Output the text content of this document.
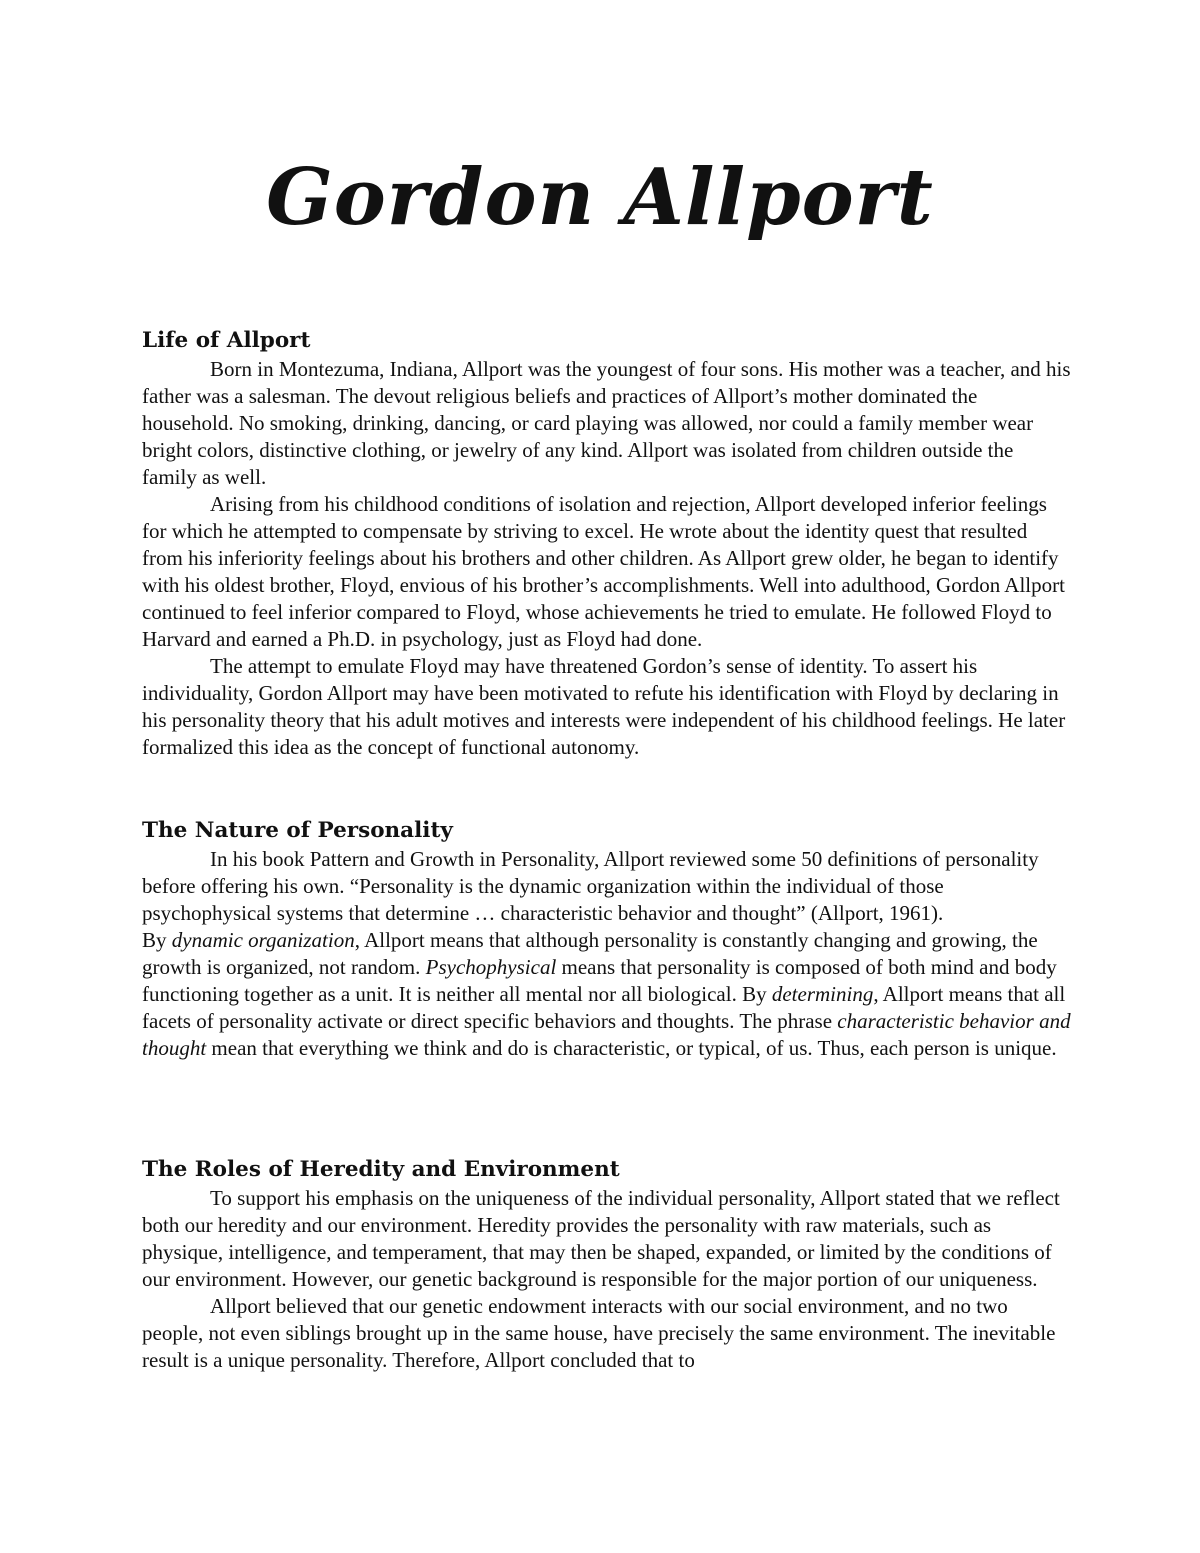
Gordon Allport
Life of Allport

Born in Montezuma, Indiana, Allport was the youngest of four sons. His mother was a teacher, and his father was a salesman. The devout religious beliefs and practices of Allport’s mother dominated the household. No smoking, drinking, dancing, or card playing was allowed, nor could a family member wear bright colors, distinctive clothing, or jewelry of any kind. Allport was isolated from children outside the family as well.

Arising from his childhood conditions of isolation and rejection, Allport developed inferior feelings for which he attempted to compensate by striving to excel. He wrote about the identity quest that resulted from his inferiority feelings about his brothers and other children. As Allport grew older, he began to identify with his oldest brother, Floyd, envious of his brother’s accomplishments. Well into adulthood, Gordon Allport continued to feel inferior compared to Floyd, whose achievements he tried to emulate. He followed Floyd to Harvard and earned a Ph.D. in psychology, just as Floyd had done.

The attempt to emulate Floyd may have threatened Gordon’s sense of identity. To assert his individuality, Gordon Allport may have been motivated to refute his identification with Floyd by declaring in his personality theory that his adult motives and interests were independent of his childhood feelings. He later formalized this idea as the concept of functional autonomy.

The Nature of Personality

In his book Pattern and Growth in Personality, Allport reviewed some 50 definitions of personality before offering his own. “Personality is the dynamic organization within the individual of those psychophysical systems that determine … characteristic behavior and thought” (Allport, 1961).

By dynamic organization, Allport means that although personality is constantly changing and growing, the growth is organized, not random. Psychophysical means that personality is composed of both mind and body functioning together as a unit. It is neither all mental nor all biological. By determining, Allport means that all facets of personality activate or direct specific behaviors and thoughts. The phrase characteristic behavior and thought mean that everything we think and do is characteristic, or typical, of us. Thus, each person is unique.

The Roles of Heredity and Environment

To support his emphasis on the uniqueness of the individual personality, Allport stated that we reflect both our heredity and our environment. Heredity provides the personality with raw materials, such as physique, intelligence, and temperament, that may then be shaped, expanded, or limited by the conditions of our environment. However, our genetic background is responsible for the major portion of our uniqueness.

Allport believed that our genetic endowment interacts with our social environment, and no two people, not even siblings brought up in the same house, have precisely the same environment. The inevitable result is a unique personality. Therefore, Allport concluded that to
